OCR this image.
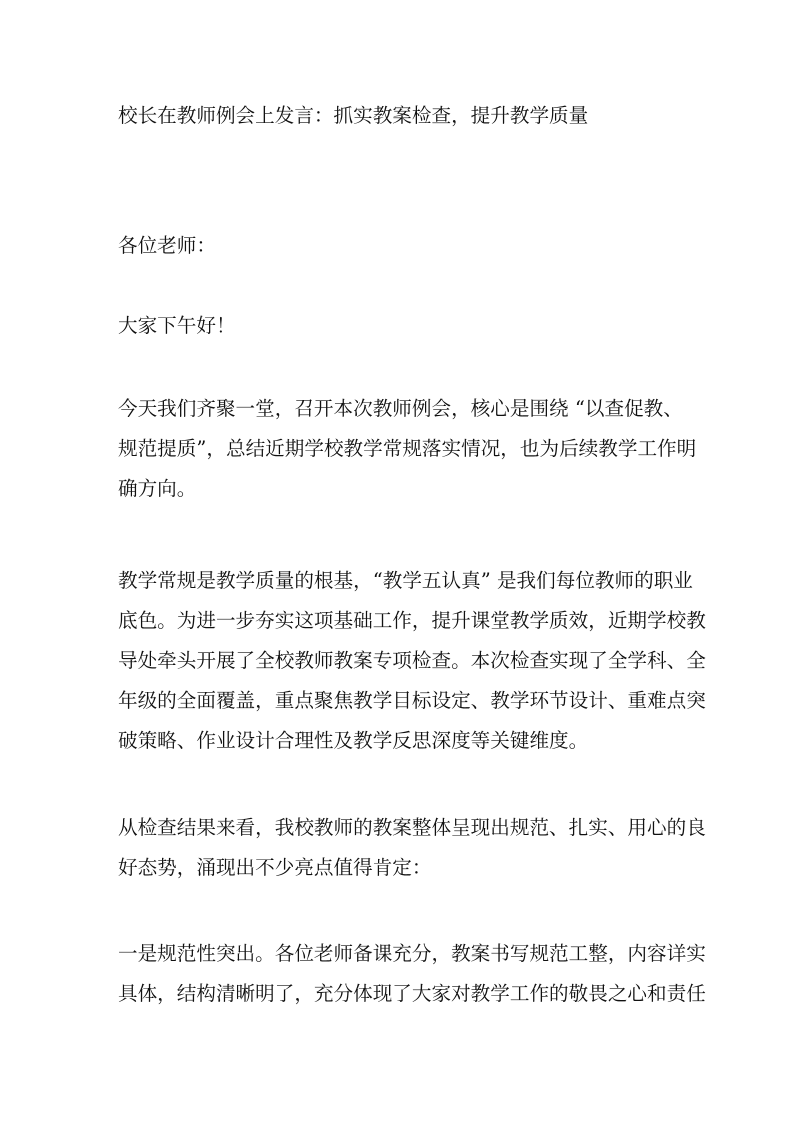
校长在教师例会上发言：抓实教案检查，提升教学质量
各位老师：
大家下午好！
今天我们齐聚一堂，召开本次教师例会，核心是围绕 “以查促教、
规范提质”，总结近期学校教学常规落实情况，也为后续教学工作明
确方向。
教学常规是教学质量的根基，“教学五认真” 是我们每位教师的职业
底色。为进一步夯实这项基础工作，提升课堂教学质效，近期学校教
导处牵头开展了全校教师教案专项检查。本次检查实现了全学科、全
年级的全面覆盖，重点聚焦教学目标设定、教学环节设计、重难点突
破策略、作业设计合理性及教学反思深度等关键维度。
从检查结果来看，我校教师的教案整体呈现出规范、扎实、用心的良
好态势，涌现出不少亮点值得肯定：
一是规范性突出。各位老师备课充分，教案书写规范工整，内容详实
具体，结构清晰明了，充分体现了大家对教学工作的敬畏之心和责任
